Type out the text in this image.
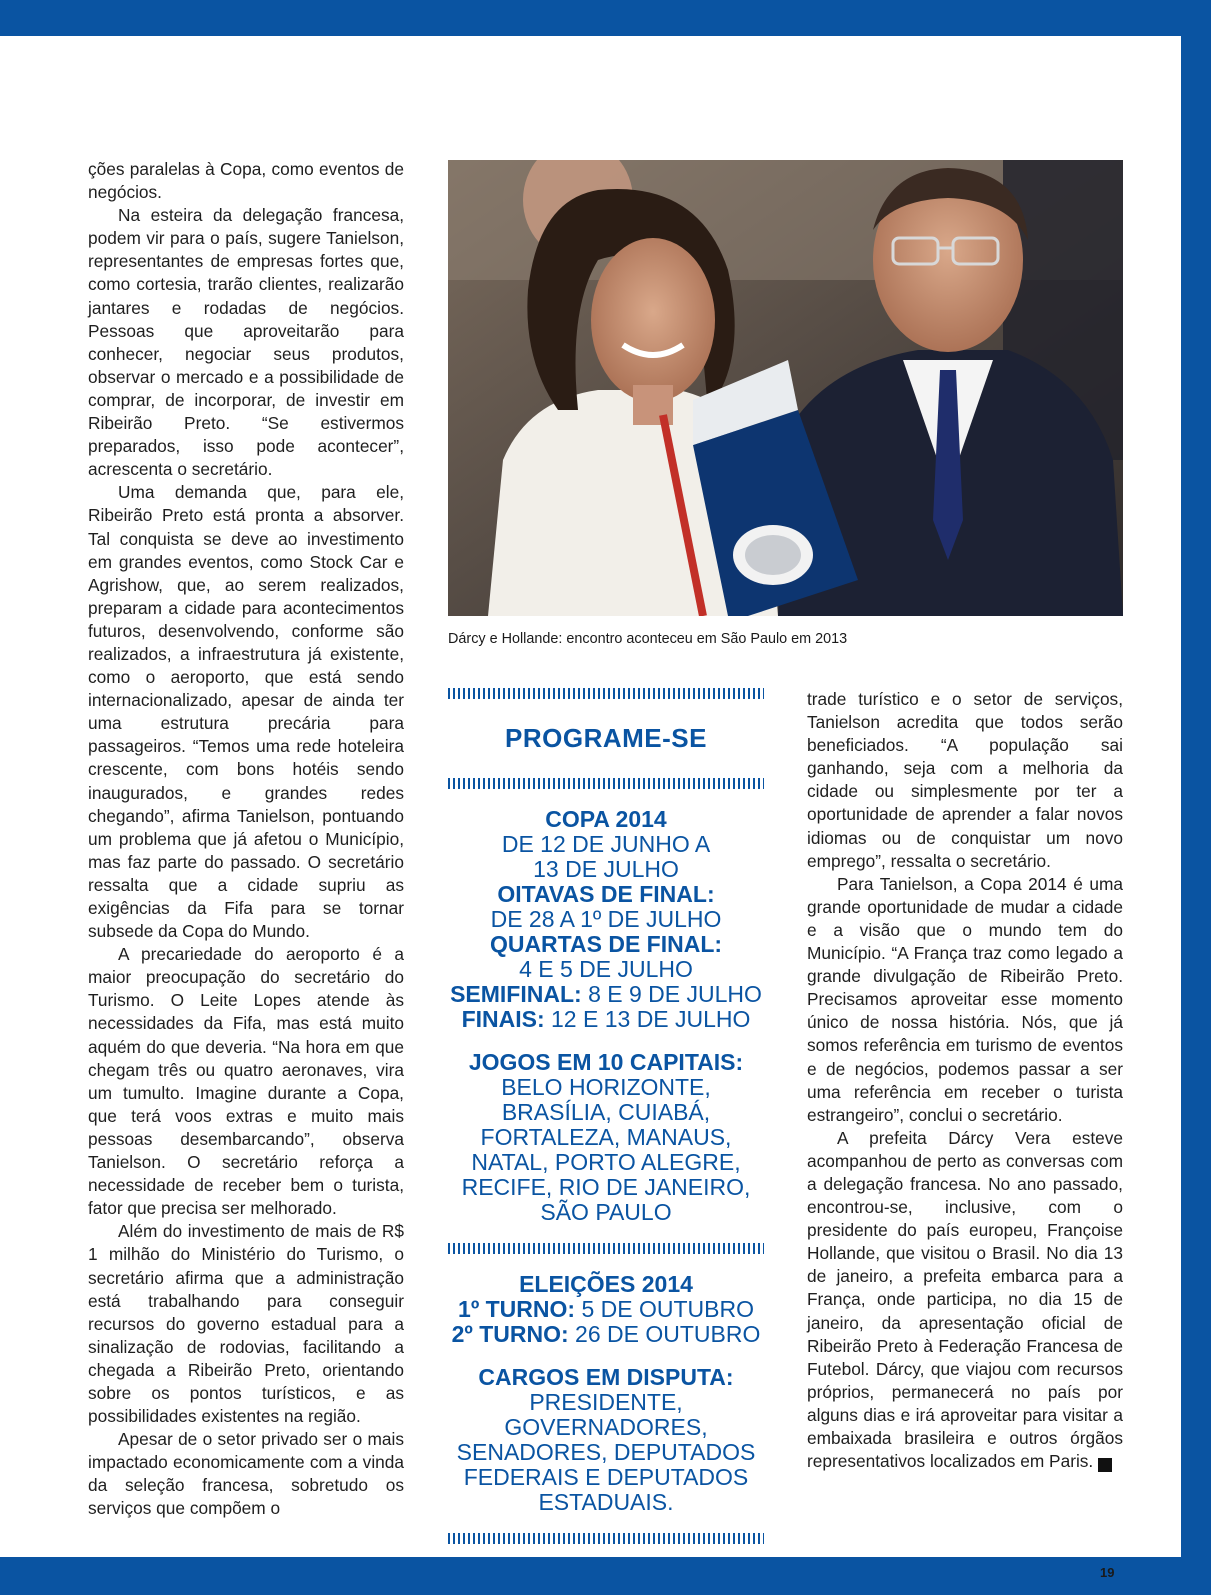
ções paralelas à Copa, como eventos de negócios.

Na esteira da delegação francesa, podem vir para o país, sugere Tanielson, representantes de empresas fortes que, como cortesia, trarão clientes, realizarão jantares e rodadas de negócios. Pessoas que aproveitarão para conhecer, negociar seus produtos, observar o mercado e a possibilidade de comprar, de incorporar, de investir em Ribeirão Preto. “Se estivermos preparados, isso pode acontecer”, acrescenta o secretário.

Uma demanda que, para ele, Ribeirão Preto está pronta a absorver. Tal conquista se deve ao investimento em grandes eventos, como Stock Car e Agrishow, que, ao serem realizados, preparam a cidade para acontecimentos futuros, desenvolvendo, conforme são realizados, a infraestrutura já existente, como o aeroporto, que está sendo internacionalizado, apesar de ainda ter uma estrutura precária para passageiros. “Temos uma rede hoteleira crescente, com bons hotéis sendo inaugurados, e grandes redes chegando”, afirma Tanielson, pontuando um problema que já afetou o Município, mas faz parte do passado. O secretário ressalta que a cidade supriu as exigências da Fifa para se tornar subsede da Copa do Mundo.

A precariedade do aeroporto é a maior preocupação do secretário do Turismo. O Leite Lopes atende às necessidades da Fifa, mas está muito aquém do que deveria. “Na hora em que chegam três ou quatro aeronaves, vira um tumulto. Imagine durante a Copa, que terá voos extras e muito mais pessoas desembarcando”, observa Tanielson. O secretário reforça a necessidade de receber bem o turista, fator que precisa ser melhorado.

Além do investimento de mais de R$ 1 milhão do Ministério do Turismo, o secretário afirma que a administração está trabalhando para conseguir recursos do governo estadual para a sinalização de rodovias, facilitando a chegada a Ribeirão Preto, orientando sobre os pontos turísticos, e as possibilidades existentes na região.

Apesar de o setor privado ser o mais impactado economicamente com a vinda da seleção francesa, sobretudo os serviços que compõem o

Dárcy e Hollande: encontro aconteceu em São Paulo em 2013
PROGRAME-SE
COPA 2014
DE 12 DE JUNHO A 13 DE JULHO
OITAVAS DE FINAL:
DE 28 A 1º DE JULHO
QUARTAS DE FINAL:
4 E 5 DE JULHO
SEMIFINAL: 8 E 9 DE JULHO
FINAIS: 12 E 13 DE JULHO
JOGOS EM 10 CAPITAIS:
BELO HORIZONTE, BRASÍLIA, CUIABÁ, FORTALEZA, MANAUS, NATAL, PORTO ALEGRE, RECIFE, RIO DE JANEIRO, SÃO PAULO
ELEIÇÕES 2014
1º TURNO: 5 DE OUTUBRO
2º TURNO: 26 DE OUTUBRO
CARGOS EM DISPUTA:
PRESIDENTE, GOVERNADORES, SENADORES, DEPUTADOS FEDERAIS E DEPUTADOS ESTADUAIS.

trade turístico e o setor de serviços, Tanielson acredita que todos serão beneficiados. “A população sai ganhando, seja com a melhoria da cidade ou simplesmente por ter a oportunidade de aprender a falar novos idiomas ou de conquistar um novo emprego”, ressalta o secretário.

Para Tanielson, a Copa 2014 é uma grande oportunidade de mudar a cidade e a visão que o mundo tem do Município. “A França traz como legado a grande divulgação de Ribeirão Preto. Precisamos aproveitar esse momento único de nossa história. Nós, que já somos referência em turismo de eventos e de negócios, podemos passar a ser uma referência em receber o turista estrangeiro”, conclui o secretário.

A prefeita Dárcy Vera esteve acompanhou de perto as conversas com a delegação francesa. No ano passado, encontrou-se, inclusive, com o presidente do país europeu, Françoise Hollande, que visitou o Brasil. No dia 13 de janeiro, a prefeita embarca para a França, onde participa, no dia 15 de janeiro, da apresentação oficial de Ribeirão Preto à Federação Francesa de Futebol. Dárcy, que viajou com recursos próprios, permanecerá no país por alguns dias e irá aproveitar para visitar a embaixada brasileira e outros órgãos representativos localizados em Paris.	r

19
